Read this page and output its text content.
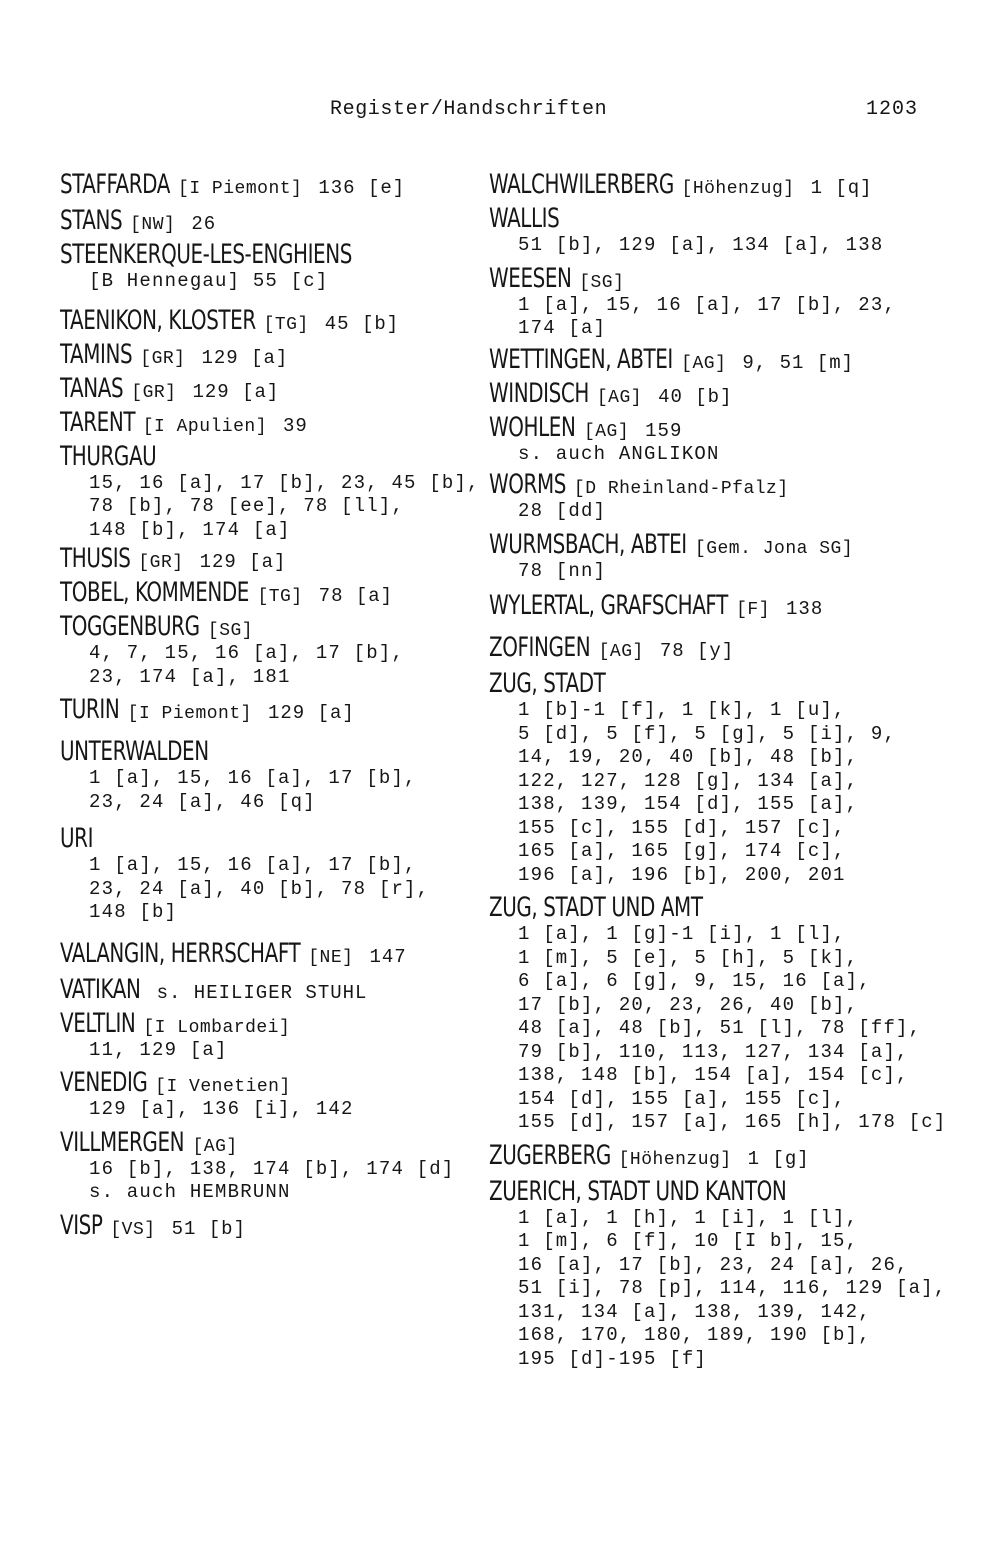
Register/Handschriften	1203
STAFFARDA [I Piemont] 136 [e]
STANS [NW] 26
STEENKERQUE-LES-ENGHIENS
[B Hennegau] 55 [c]
TAENIKON, KLOSTER [TG] 45 [b]
TAMINS [GR] 129 [a]
TANAS [GR] 129 [a]
TARENT [I Apulien] 39
THURGAU
15, 16 [a], 17 [b], 23, 45 [b],
78 [b], 78 [ee], 78 [ll],
148 [b], 174 [a]
THUSIS [GR] 129 [a]
TOBEL, KOMMENDE [TG] 78 [a]
TOGGENBURG [SG]
4, 7, 15, 16 [a], 17 [b],
23, 174 [a], 181
TURIN [I Piemont] 129 [a]
UNTERWALDEN
1 [a], 15, 16 [a], 17 [b],
23, 24 [a], 46 [q]
URI
1 [a], 15, 16 [a], 17 [b],
23, 24 [a], 40 [b], 78 [r],
148 [b]
VALANGIN, HERRSCHAFT [NE] 147
VATIKAN s. HEILIGER STUHL
VELTLIN [I Lombardei]
11, 129 [a]
VENEDIG [I Venetien]
129 [a], 136 [i], 142
VILLMERGEN [AG]
16 [b], 138, 174 [b], 174 [d]
s. auch HEMBRUNN
VISP [VS] 51 [b]
WALCHWILERBERG [Höhenzug] 1 [q]
WALLIS
51 [b], 129 [a], 134 [a], 138
WEESEN [SG]
1 [a], 15, 16 [a], 17 [b], 23,
174 [a]
WETTINGEN, ABTEI [AG] 9, 51 [m]
WINDISCH [AG] 40 [b]
WOHLEN [AG] 159
s. auch ANGLIKON
WORMS [D Rheinland-Pfalz]
28 [dd]
WURMSBACH, ABTEI [Gem. Jona SG]
78 [nn]
WYLERTAL, GRAFSCHAFT [F] 138
ZOFINGEN [AG] 78 [y]
ZUG, STADT
1 [b]-1 [f], 1 [k], 1 [u],
5 [d], 5 [f], 5 [g], 5 [i], 9,
14, 19, 20, 40 [b], 48 [b],
122, 127, 128 [g], 134 [a],
138, 139, 154 [d], 155 [a],
155 [c], 155 [d], 157 [c],
165 [a], 165 [g], 174 [c],
196 [a], 196 [b], 200, 201
ZUG, STADT UND AMT
1 [a], 1 [g]-1 [i], 1 [l],
1 [m], 5 [e], 5 [h], 5 [k],
6 [a], 6 [g], 9, 15, 16 [a],
17 [b], 20, 23, 26, 40 [b],
48 [a], 48 [b], 51 [l], 78 [ff],
79 [b], 110, 113, 127, 134 [a],
138, 148 [b], 154 [a], 154 [c],
154 [d], 155 [a], 155 [c],
155 [d], 157 [a], 165 [h], 178 [c]
ZUGERBERG [Höhenzug] 1 [g]
ZUERICH, STADT UND KANTON
1 [a], 1 [h], 1 [i], 1 [l],
1 [m], 6 [f], 10 [I b], 15,
16 [a], 17 [b], 23, 24 [a], 26,
51 [i], 78 [p], 114, 116, 129 [a],
131, 134 [a], 138, 139, 142,
168, 170, 180, 189, 190 [b],
195 [d]-195 [f]
